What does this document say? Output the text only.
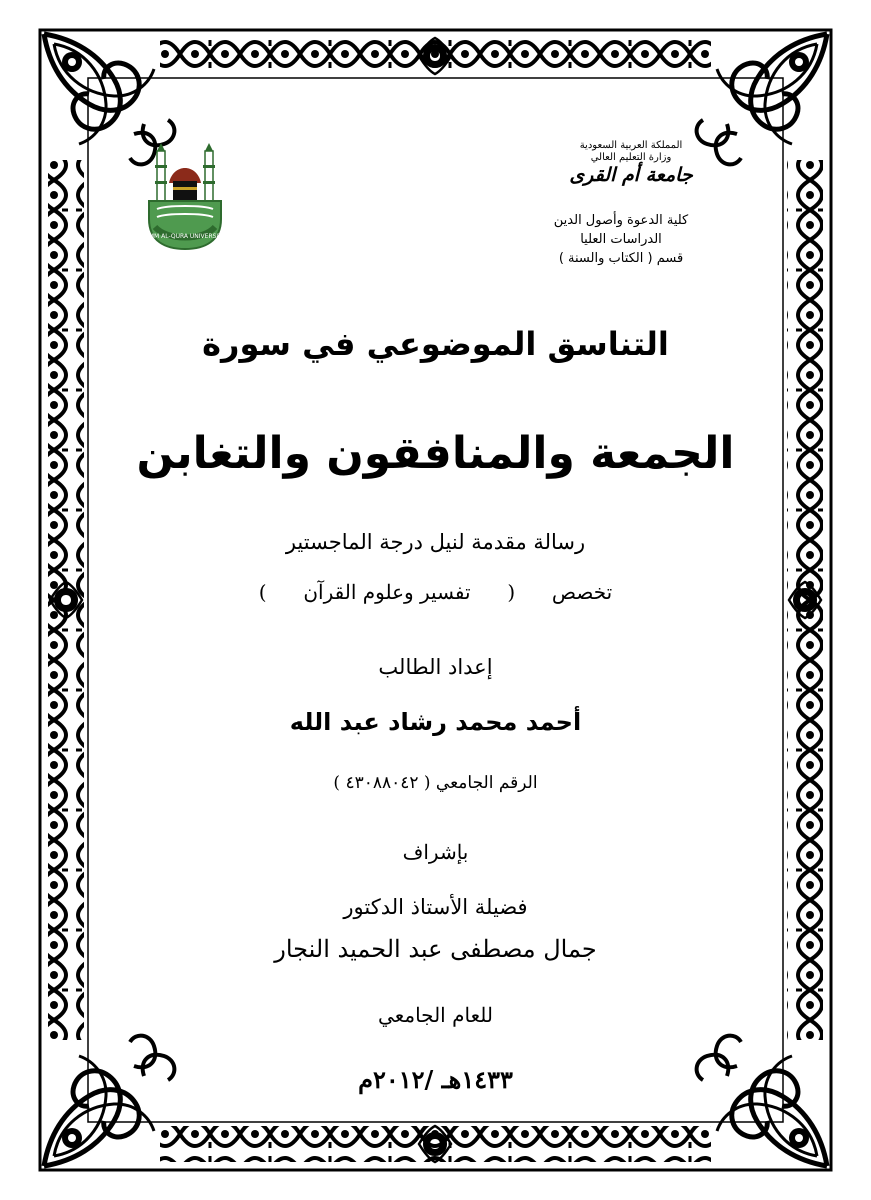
المملكة العربية السعودية
وزارة التعليم العالي
جامعة أم القرى
كلية الدعوة وأصول الدين
الدراسات العليا
قسم ( الكتاب والسنة )
UMM AL-QURA UNIVERSITY
التناسق الموضوعي في سورة
الجمعة والمنافقون والتغابن
رسالة مقدمة لنيل درجة الماجستير
تخصص  (  تفسير وعلوم القرآن  )
إعداد الطالب
أحمد محمد رشاد عبد الله
الرقم الجامعي ( ٤٣٠٨٨٠٤٢ )
بإشراف
فضيلة الأستاذ الدكتور
جمال مصطفى عبد الحميد النجار
للعام الجامعي
١٤٣٣هـ /٢٠١٢م
